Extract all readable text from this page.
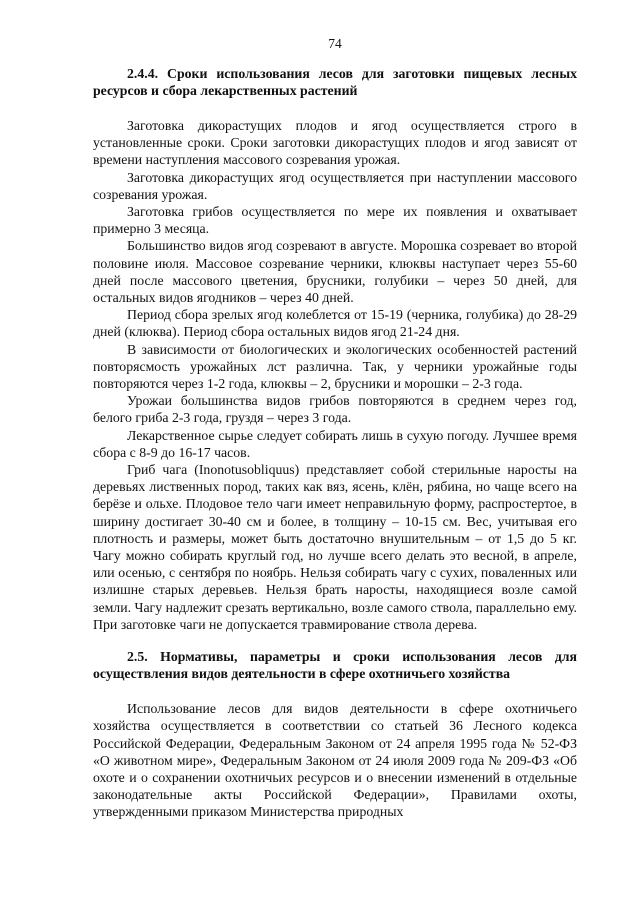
74

2.4.4. Сроки использования лесов для заготовки пищевых лесных ресурсов и сбора лекарственных растений

Заготовка дикорастущих плодов и ягод осуществляется строго в установленные сроки. Сроки заготовки дикорастущих плодов и ягод зависят от времени наступления массового созревания урожая.

Заготовка дикорастущих ягод осуществляется при наступлении массового созревания урожая.

Заготовка грибов осуществляется по мере их появления и охватывает примерно 3 месяца.

Большинство видов ягод созревают в августе. Морошка созревает во второй половине июля. Массовое созревание черники, клюквы наступает через 55-60 дней после массового цветения, брусники, голубики – через 50 дней, для остальных видов ягодников – через 40 дней.

Период сбора зрелых ягод колеблется от 15-19 (черника, голубика) до 28-29 дней (клюква). Период сбора остальных видов ягод 21-24 дня.

В зависимости от биологических и экологических особенностей растений повторясмость урожайных лст различна. Так, у черники урожайные годы повторяются через 1-2 года, клюквы – 2, брусники и морошки – 2-3 года.

Урожаи большинства видов грибов повторяются в среднем через год, белого гриба 2-3 года, груздя – через 3 года.

Лекарственное сырье следует собирать лишь в сухую погоду. Лучшее время сбора с 8-9 до 16-17 часов.

Гриб чага (Inonotusobliquus) представляет собой стерильные наросты на деревьях лиственных пород, таких как вяз, ясень, клён, рябина, но чаще всего на берёзе и ольхе. Плодовое тело чаги имеет неправильную форму, распростертое, в ширину достигает 30-40 см и более, в толщину – 10-15 см. Вес, учитывая его плотность и размеры, может быть достаточно внушительным – от 1,5 до 5 кг. Чагу можно собирать круглый год, но лучше всего делать это весной, в апреле, или осенью, с сентября по ноябрь. Нельзя собирать чагу с сухих, поваленных или излишне старых деревьев. Нельзя брать наросты, находящиеся возле самой земли. Чагу надлежит срезать вертикально, возле самого ствола, параллельно ему. При заготовке чаги не допускается травмирование ствола дерева.

2.5. Нормативы, параметры и сроки использования лесов для осуществления видов деятельности в сфере охотничьего хозяйства

Использование лесов для видов деятельности в сфере охотничьего хозяйства осуществляется в соответствии со статьей 36 Лесного кодекса Российской Федерации, Федеральным Законом от 24 апреля 1995 года № 52-ФЗ «О животном мире», Федеральным Законом от 24 июля 2009 года № 209-ФЗ «Об охоте и о сохранении охотничьих ресурсов и о внесении изменений в отдельные законодательные акты Российской Федерации», Правилами охоты, утвержденными приказом Министерства природных
